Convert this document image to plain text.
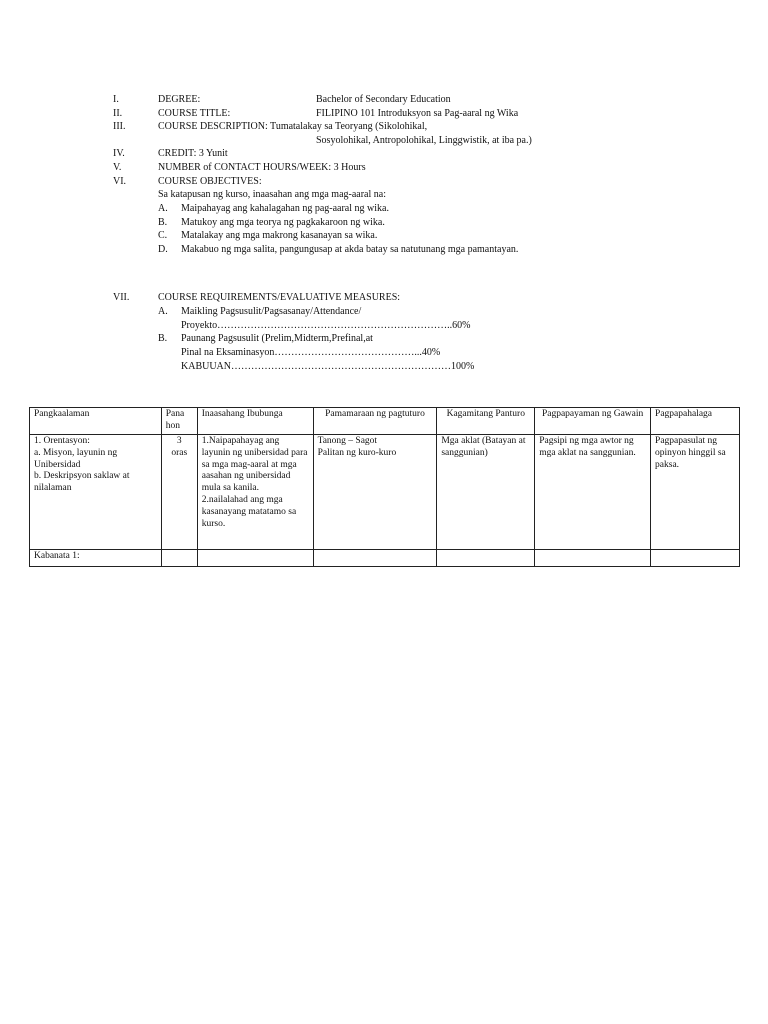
I.	DEGREE:	Bachelor of Secondary Education
II.	COURSE TITLE:	FILIPINO 101 Introduksyon sa Pag-aaral ng Wika
III.	COURSE DESCRIPTION: Tumatalakay sa Teoryang (Sikolohikal,
Sosyolohikal, Antropolohikal, Linggwistik, at iba pa.)
IV.	CREDIT: 3 Yunit
V.	NUMBER of CONTACT HOURS/WEEK: 3 Hours
VI.	COURSE OBJECTIVES:
Sa katapusan ng kurso, inaasahan ang mga mag-aaral na:
A. Maipahayag ang kahalagahan ng pag-aaral ng wika.
B. Matukoy ang mga teorya ng pagkakaroon ng wika.
C. Matalakay ang mga makrong kasanayan sa wika.
D. Makabuo ng mga salita, pangungusap at akda batay sa natutunang mga pamantayan.
VII.	COURSE REQUIREMENTS/EVALUATIVE MEASURES:
A. Maikling Pagsusulit/Pagsasanay/Attendance/
Proyekto……………………………………………………………..60%
B. Paunang Pagsusulit (Prelim,Midterm,Prefinal,at
Pinal na Eksaminasyon……………………………………...40%
KABUUAN…………………………………………………………100%
Pangkaalaman	Pana hon	Inaasahang Ibubunga	Pamamaraan ng pagtuturo	Kagamitang Panturo	Pagpapayaman ng Gawain	Pagpapahalaga
1. Orentasyon:
a. Misyon, layunin ng Unibersidad
b. Deskripsyon saklaw at nilalaman	3
oras	1.Naipapahayag ang layunin ng unibersidad para sa mga mag-aaral at mga aasahan ng unibersidad mula sa kanila.
2.nailalahad ang mga kasanayang matatamo sa kurso.	Tanong – Sagot
Palitan ng kuro-kuro	Mga aklat (Batayan at sanggunian)	Pagsipi ng mga awtor ng mga aklat na sanggunian.	Pagpapasulat ng opinyon hinggil sa paksa.
Kabanata 1:						
